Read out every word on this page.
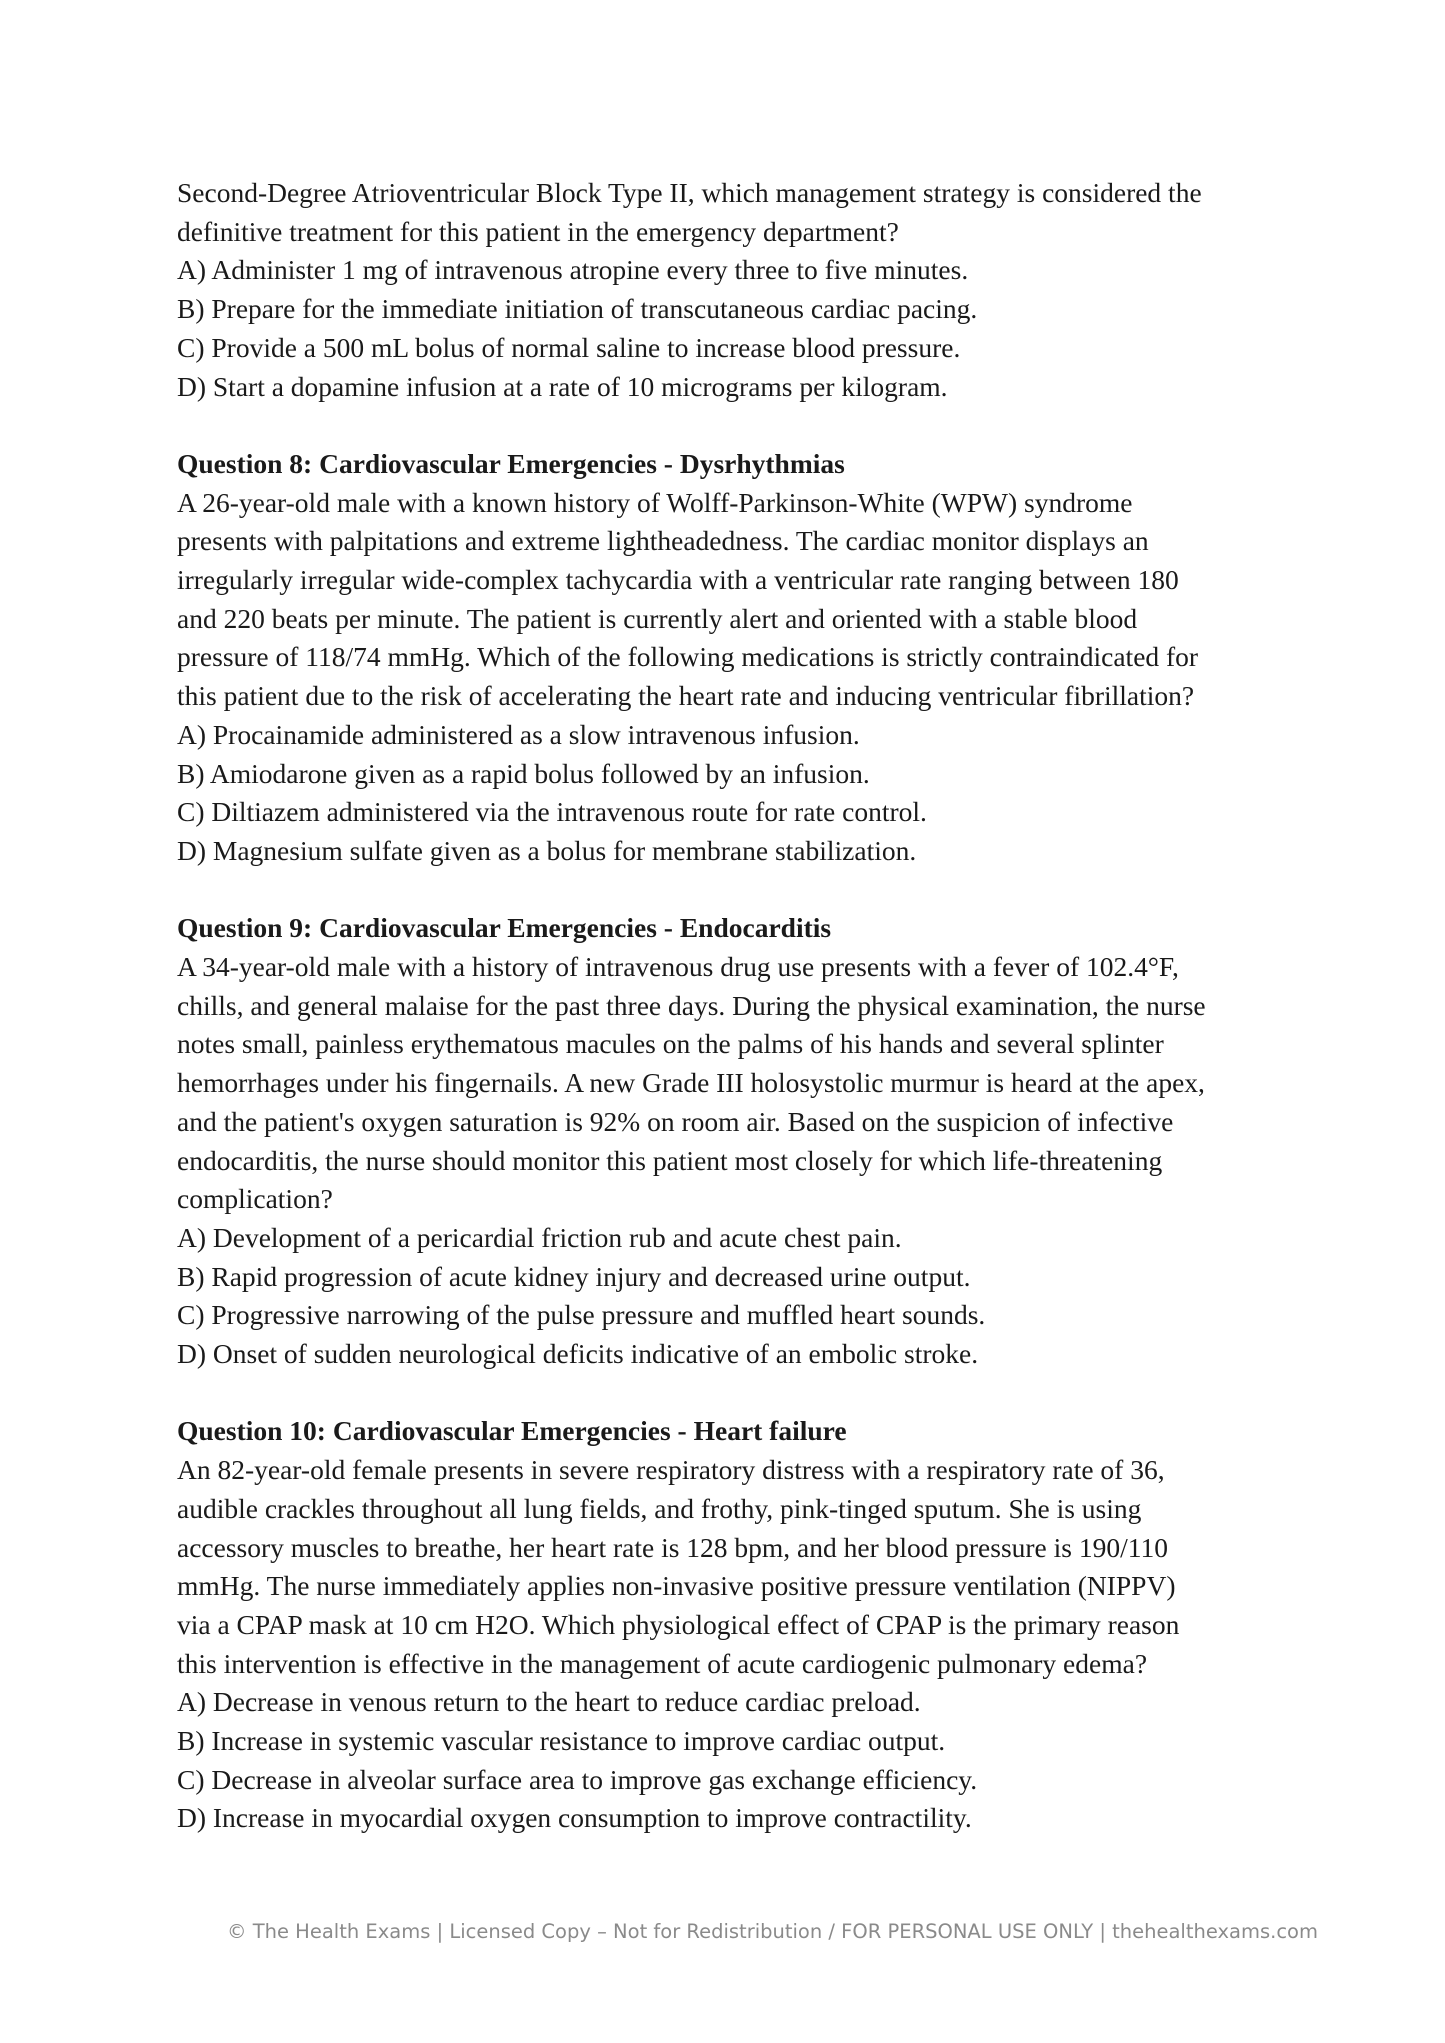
Second-Degree Atrioventricular Block Type II, which management strategy is considered the
definitive treatment for this patient in the emergency department?
A) Administer 1 mg of intravenous atropine every three to five minutes.
B) Prepare for the immediate initiation of transcutaneous cardiac pacing.
C) Provide a 500 mL bolus of normal saline to increase blood pressure.
D) Start a dopamine infusion at a rate of 10 micrograms per kilogram.
Question 8: Cardiovascular Emergencies - Dysrhythmias
A 26-year-old male with a known history of Wolff-Parkinson-White (WPW) syndrome
presents with palpitations and extreme lightheadedness. The cardiac monitor displays an
irregularly irregular wide-complex tachycardia with a ventricular rate ranging between 180
and 220 beats per minute. The patient is currently alert and oriented with a stable blood
pressure of 118/74 mmHg. Which of the following medications is strictly contraindicated for
this patient due to the risk of accelerating the heart rate and inducing ventricular fibrillation?
A) Procainamide administered as a slow intravenous infusion.
B) Amiodarone given as a rapid bolus followed by an infusion.
C) Diltiazem administered via the intravenous route for rate control.
D) Magnesium sulfate given as a bolus for membrane stabilization.
Question 9: Cardiovascular Emergencies - Endocarditis
A 34-year-old male with a history of intravenous drug use presents with a fever of 102.4°F,
chills, and general malaise for the past three days. During the physical examination, the nurse
notes small, painless erythematous macules on the palms of his hands and several splinter
hemorrhages under his fingernails. A new Grade III holosystolic murmur is heard at the apex,
and the patient's oxygen saturation is 92% on room air. Based on the suspicion of infective
endocarditis, the nurse should monitor this patient most closely for which life-threatening
complication?
A) Development of a pericardial friction rub and acute chest pain.
B) Rapid progression of acute kidney injury and decreased urine output.
C) Progressive narrowing of the pulse pressure and muffled heart sounds.
D) Onset of sudden neurological deficits indicative of an embolic stroke.
Question 10: Cardiovascular Emergencies - Heart failure
An 82-year-old female presents in severe respiratory distress with a respiratory rate of 36,
audible crackles throughout all lung fields, and frothy, pink-tinged sputum. She is using
accessory muscles to breathe, her heart rate is 128 bpm, and her blood pressure is 190/110
mmHg. The nurse immediately applies non-invasive positive pressure ventilation (NIPPV)
via a CPAP mask at 10 cm H2O. Which physiological effect of CPAP is the primary reason
this intervention is effective in the management of acute cardiogenic pulmonary edema?
A) Decrease in venous return to the heart to reduce cardiac preload.
B) Increase in systemic vascular resistance to improve cardiac output.
C) Decrease in alveolar surface area to improve gas exchange efficiency.
D) Increase in myocardial oxygen consumption to improve contractility.
© The Health Exams | Licensed Copy – Not for Redistribution / FOR PERSONAL USE ONLY | thehealthexams.com
